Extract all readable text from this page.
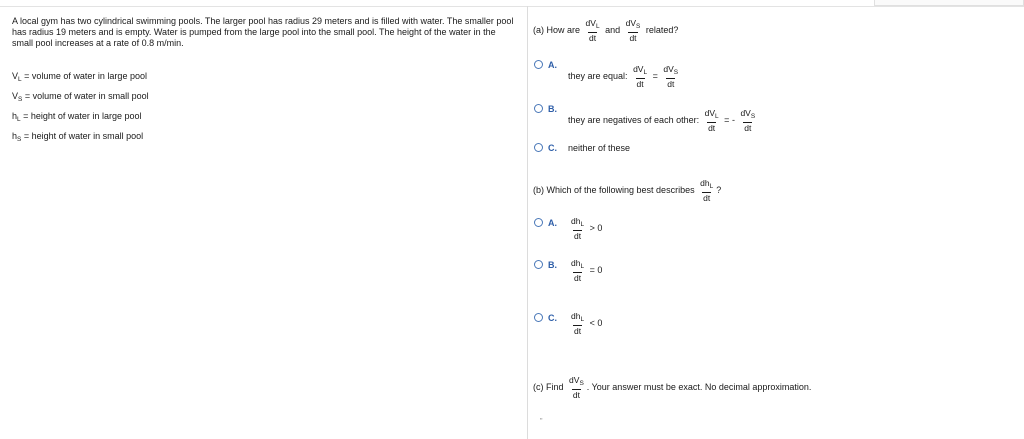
A local gym has two cylindrical swimming pools. The larger pool has radius 29 meters and is filled with water. The smaller pool has radius 19 meters and is empty. Water is pumped from the large pool into the small pool. The height of the water in the small pool increases at a rate of 0.8 m/min.

$V_L$ = volume of water in large pool
$V_S$ = volume of water in small pool
$h_L$ = height of water in large pool
$h_S$ = height of water in small pool
(a) How are $\frac{dV_L}{dt}$ and $\frac{dV_S}{dt}$ related?
A.
they are equal: $\frac{dV_L}{dt} = \frac{dV_S}{dt}$
B.
they are negatives of each other: $\frac{dV_L}{dt}$ = - $\frac{dV_S}{dt}$
C. neither of these
(b) Which of the following best describes $\frac{dh_L}{dt}$ ?
A. $\frac{dh_L}{dt} > 0$
B. $\frac{dh_L}{dt} = 0$
C. $\frac{dh_L}{dt} < 0$
(c) Find $\frac{dV_S}{dt}$ . Your answer must be exact. No decimal approximation.
"
